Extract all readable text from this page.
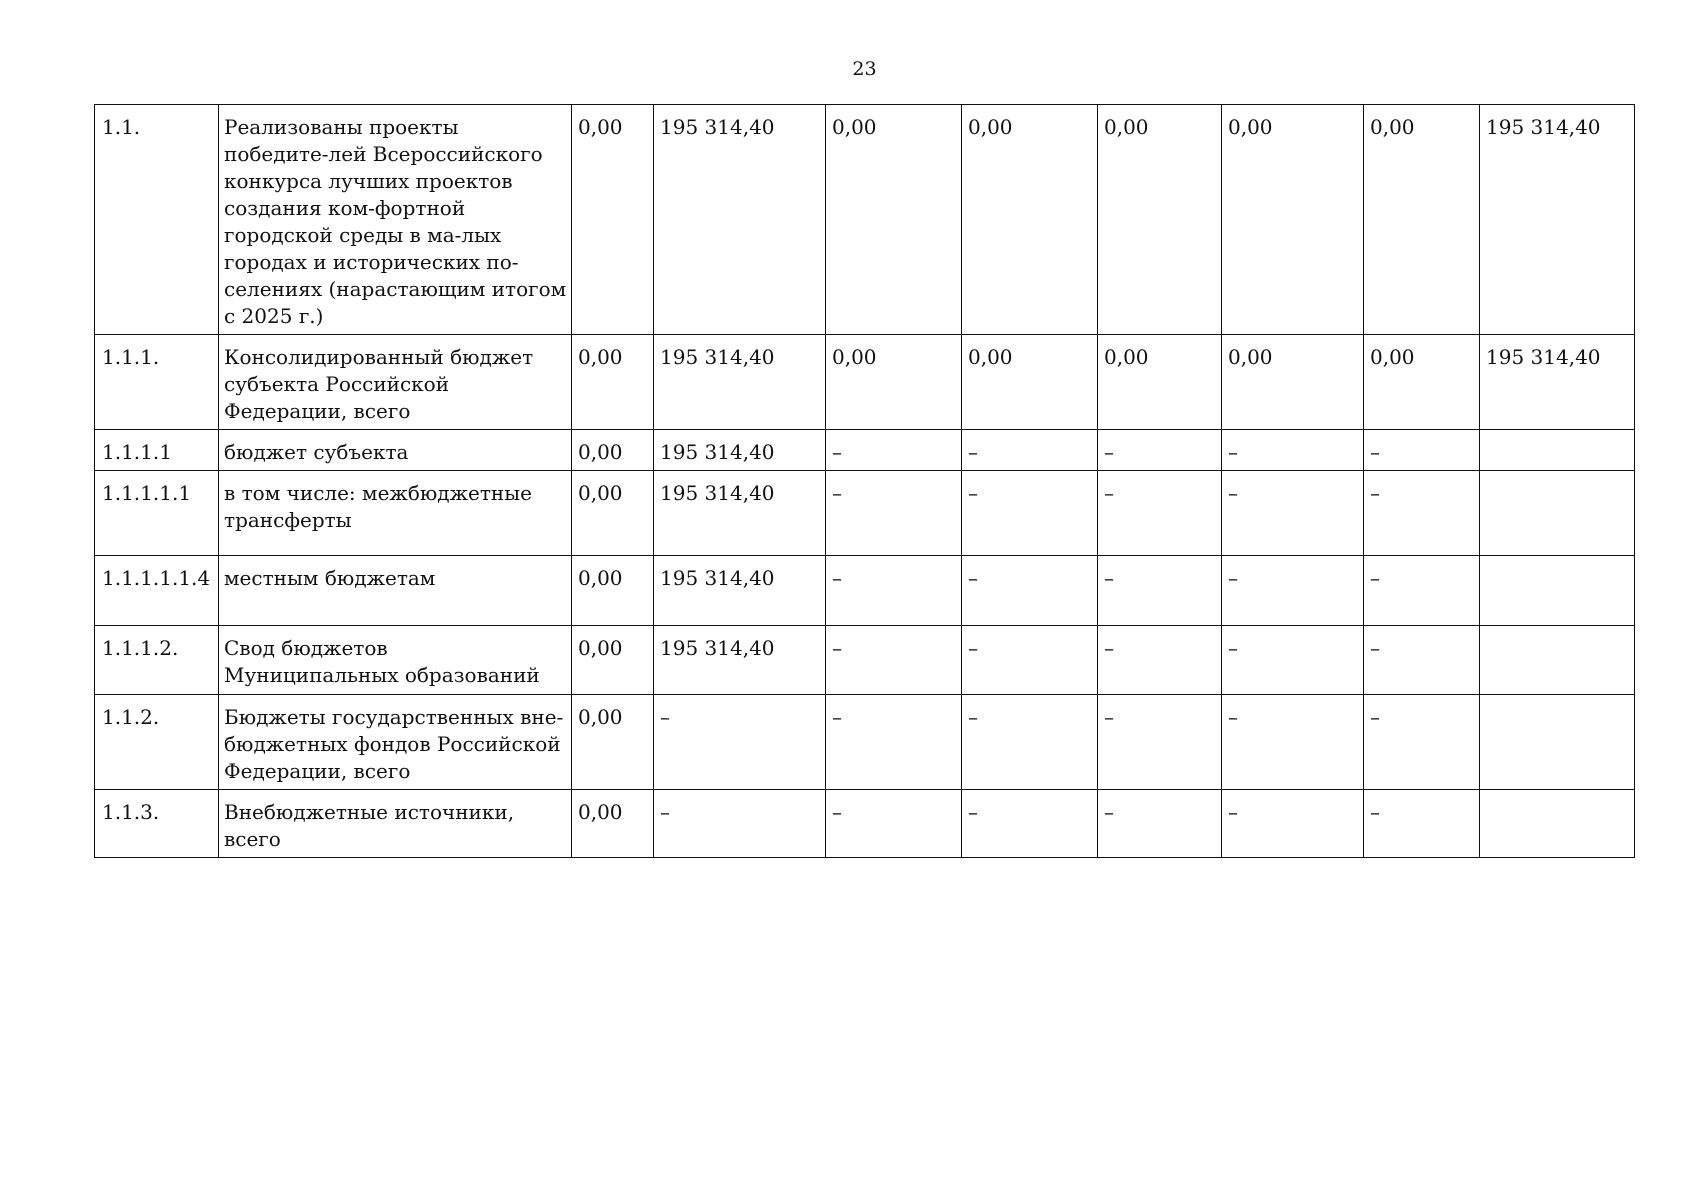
23
1.1.	Реализованы проекты победите-лей Всероссийского конкурса лучших проектов создания ком-фортной городской среды в ма-лых городах и исторических по-селениях (нарастающим итогом с 2025 г.)	0,00	195 314,40	0,00	0,00	0,00	0,00	0,00	195 314,40
1.1.1.	Консолидированный бюджет субъекта Российской Федерации, всего	0,00	195 314,40	0,00	0,00	0,00	0,00	0,00	195 314,40
1.1.1.1	бюджет субъекта	0,00	195 314,40	–	–	–	–	–	
1.1.1.1.1	в том числе: межбюджетные трансферты	0,00	195 314,40	–	–	–	–	–	
1.1.1.1.1.4	местным бюджетам	0,00	195 314,40	–	–	–	–	–	
1.1.1.2.	Свод бюджетов Муниципальных образований	0,00	195 314,40	–	–	–	–	–	
1.1.2.	Бюджеты государственных вне-бюджетных фондов Российской Федерации, всего	0,00	–	–	–	–	–	–	
1.1.3.	Внебюджетные источники, всего	0,00	–	–	–	–	–	–	
